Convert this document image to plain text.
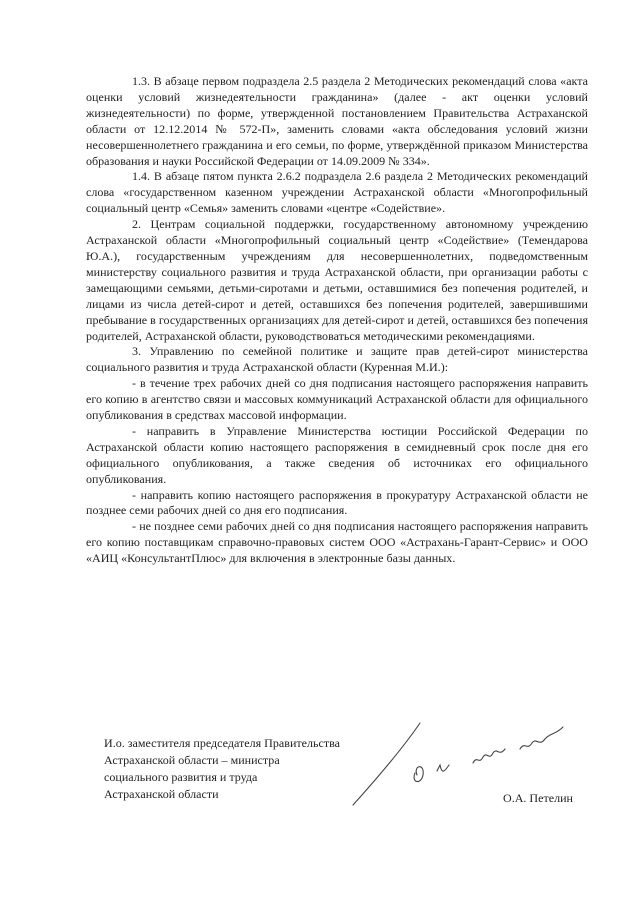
1.3. В абзаце первом подраздела 2.5 раздела 2 Методических рекомендаций слова «акта оценки условий жизнедеятельности гражданина» (далее - акт оценки условий жизнедеятельности) по форме, утвержденной постановлением Правительства Астраханской области от 12.12.2014 № 572-П», заменить словами «акта обследования условий жизни несовершеннолетнего гражданина и его семьи, по форме, утверждённой приказом Министерства образования и науки Российской Федерации от 14.09.2009 № 334».

1.4. В абзаце пятом пункта 2.6.2 подраздела 2.6 раздела 2 Методических рекомендаций слова «государственном казенном учреждении Астраханской области «Многопрофильный социальный центр «Семья» заменить словами «центре «Содействие».

2. Центрам социальной поддержки, государственному автономному учреждению Астраханской области «Многопрофильный социальный центр «Содействие» (Темендарова Ю.А.), государственным учреждениям для несовершеннолетних, подведомственным министерству социального развития и труда Астраханской области, при организации работы с замещающими семьями, детьми-сиротами и детьми, оставшимися без попечения родителей, и лицами из числа детей-сирот и детей, оставшихся без попечения родителей, завершившими пребывание в государственных организациях для детей-сирот и детей, оставшихся без попечения родителей, Астраханской области, руководствоваться методическими рекомендациями.

3. Управлению по семейной политике и защите прав детей-сирот министерства социального развития и труда Астраханской области (Куренная М.И.):

- в течение трех рабочих дней со дня подписания настоящего распоряжения направить его копию в агентство связи и массовых коммуникаций Астраханской области для официального опубликования в средствах массовой информации.

- направить в Управление Министерства юстиции Российской Федерации по Астраханской области копию настоящего распоряжения в семидневный срок после дня его официального опубликования, а также сведения об источниках его официального опубликования.

- направить копию настоящего распоряжения в прокуратуру Астраханской области не позднее семи рабочих дней со дня его подписания.

- не позднее семи рабочих дней со дня подписания настоящего распоряжения направить его копию поставщикам справочно-правовых систем ООО «Астрахань-Гарант-Сервис» и ООО «АИЦ «КонсультантПлюс» для включения в электронные базы данных.

И.о. заместителя председателя Правительства
Астраханской области – министра
социального развития и труда
Астраханской области	О.А. Петелин
